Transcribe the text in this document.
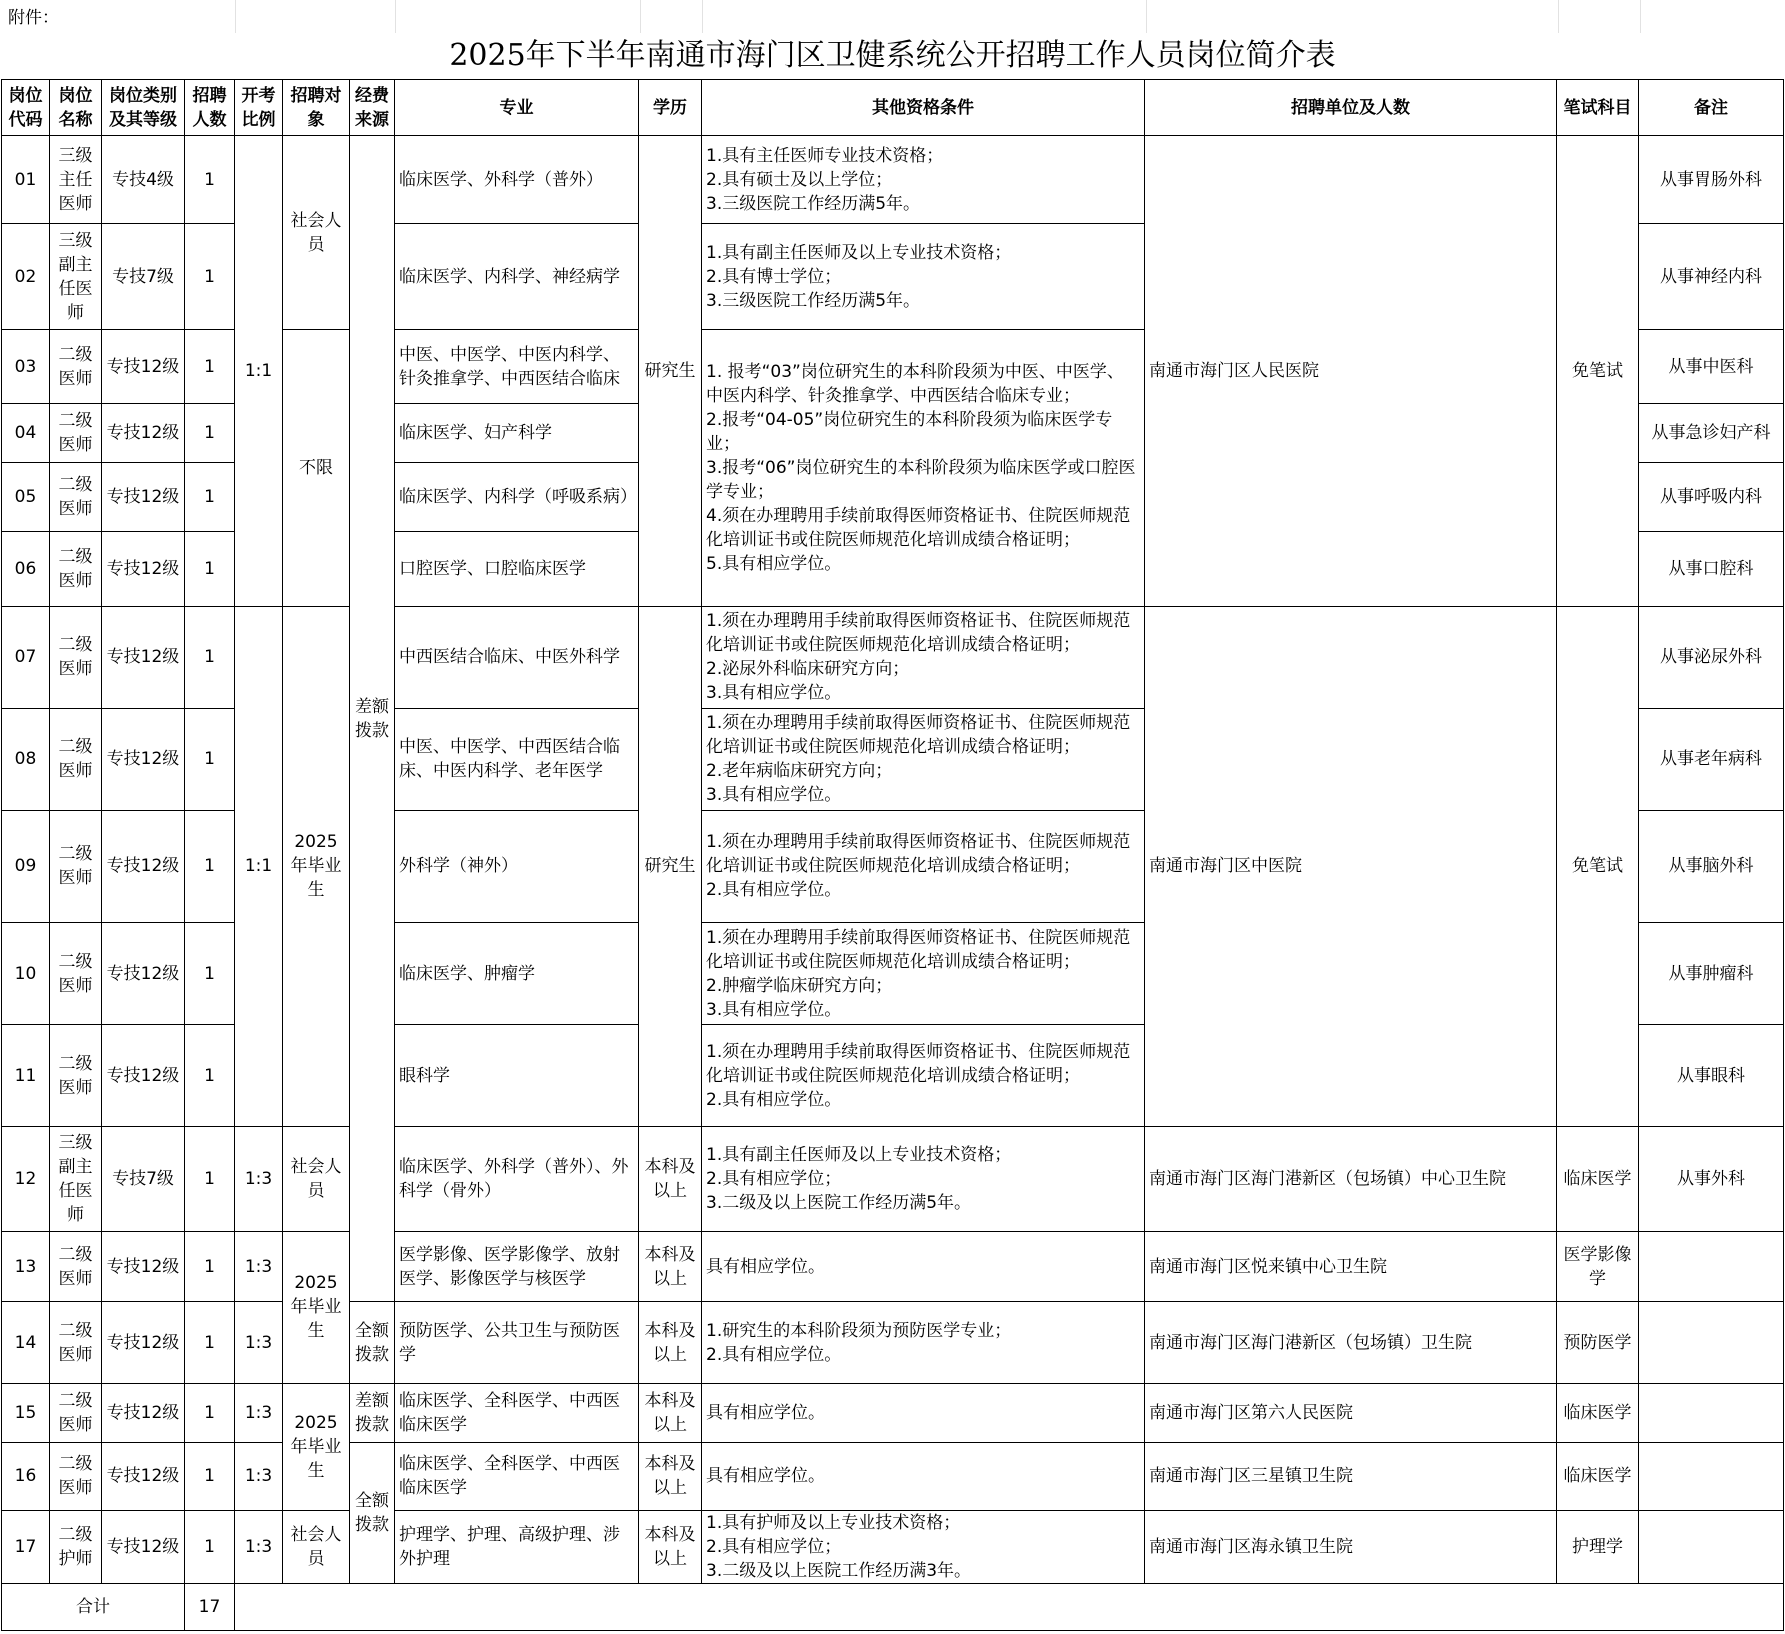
附件：
2025年下半年南通市海门区卫健系统公开招聘工作人员岗位简介表
岗位代码	岗位名称	岗位类别及其等级	招聘人数	开考比例	招聘对象	经费来源	专业	学历	其他资格条件	招聘单位及人数	笔试科目	备注
01	三级主任医师	专技4级	1	1:1	社会人员	差额拨款	临床医学、外科学（普外）	研究生	1.具有主任医师专业技术资格；
2.具有硕士及以上学位；
3.三级医院工作经历满5年。	南通市海门区人民医院	免笔试	从事胃肠外科
02	三级副主任医师	专技7级	1				临床医学、内科学、神经病学		1.具有副主任医师及以上专业技术资格；
2.具有博士学位；
3.三级医院工作经历满5年。			从事神经内科
03	二级医师	专技12级	1		不限		中医、中医学、中医内科学、针灸推拿学、中西医结合临床		1. 报考“03”岗位研究生的本科阶段须为中医、中医学、中医内科学、针灸推拿学、中西医结合临床专业；
2.报考“04-05”岗位研究生的本科阶段须为临床医学专业；
3.报考“06”岗位研究生的本科阶段须为临床医学或口腔医学专业；
4.须在办理聘用手续前取得医师资格证书、住院医师规范化培训证书或住院医师规范化培训成绩合格证明；
5.具有相应学位。			从事中医科
04	二级医师	专技12级	1				临床医学、妇产科学					从事急诊妇产科
05	二级医师	专技12级	1				临床医学、内科学（呼吸系病）					从事呼吸内科
06	二级医师	专技12级	1				口腔医学、口腔临床医学					从事口腔科
07	二级医师	专技12级	1	1:1	2025年毕业生		中西医结合临床、中医外科学	研究生	1.须在办理聘用手续前取得医师资格证书、住院医师规范化培训证书或住院医师规范化培训成绩合格证明；
2.泌尿外科临床研究方向；
3.具有相应学位。	南通市海门区中医院	免笔试	从事泌尿外科
08	二级医师	专技12级	1				中医、中医学、中西医结合临床、中医内科学、老年医学		1.须在办理聘用手续前取得医师资格证书、住院医师规范化培训证书或住院医师规范化培训成绩合格证明；
2.老年病临床研究方向；
3.具有相应学位。			从事老年病科
09	二级医师	专技12级	1				外科学（神外）		1.须在办理聘用手续前取得医师资格证书、住院医师规范化培训证书或住院医师规范化培训成绩合格证明；
2.具有相应学位。			从事脑外科
10	二级医师	专技12级	1				临床医学、肿瘤学		1.须在办理聘用手续前取得医师资格证书、住院医师规范化培训证书或住院医师规范化培训成绩合格证明；
2.肿瘤学临床研究方向；
3.具有相应学位。			从事肿瘤科
11	二级医师	专技12级	1				眼科学		1.须在办理聘用手续前取得医师资格证书、住院医师规范化培训证书或住院医师规范化培训成绩合格证明；
2.具有相应学位。			从事眼科
12	三级副主任医师	专技7级	1	1:3	社会人员		临床医学、外科学（普外）、外科学（骨外）	本科及以上	1.具有副主任医师及以上专业技术资格；
2.具有相应学位；
3.二级及以上医院工作经历满5年。	南通市海门区海门港新区（包场镇）中心卫生院	临床医学	从事外科
13	二级医师	专技12级	1	1:3	2025年毕业生		医学影像、医学影像学、放射医学、影像医学与核医学	本科及以上	具有相应学位。	南通市海门区悦来镇中心卫生院	医学影像学	
14	二级医师	专技12级	1	1:3		全额拨款	预防医学、公共卫生与预防医学	本科及以上	1.研究生的本科阶段须为预防医学专业；
2.具有相应学位。	南通市海门区海门港新区（包场镇）卫生院	预防医学	
15	二级医师	专技12级	1	1:3	2025年毕业生	差额拨款	临床医学、全科医学、中西医临床医学	本科及以上	具有相应学位。	南通市海门区第六人民医院	临床医学	
16	二级医师	专技12级	1	1:3		全额拨款	临床医学、全科医学、中西医临床医学	本科及以上	具有相应学位。	南通市海门区三星镇卫生院	临床医学	
17	二级护师	专技12级	1	1:3	社会人员		护理学、护理、高级护理、涉外护理	本科及以上	1.具有护师及以上专业技术资格；
2.具有相应学位；
3.二级及以上医院工作经历满3年。	南通市海门区海永镇卫生院	护理学	
合计			17									
